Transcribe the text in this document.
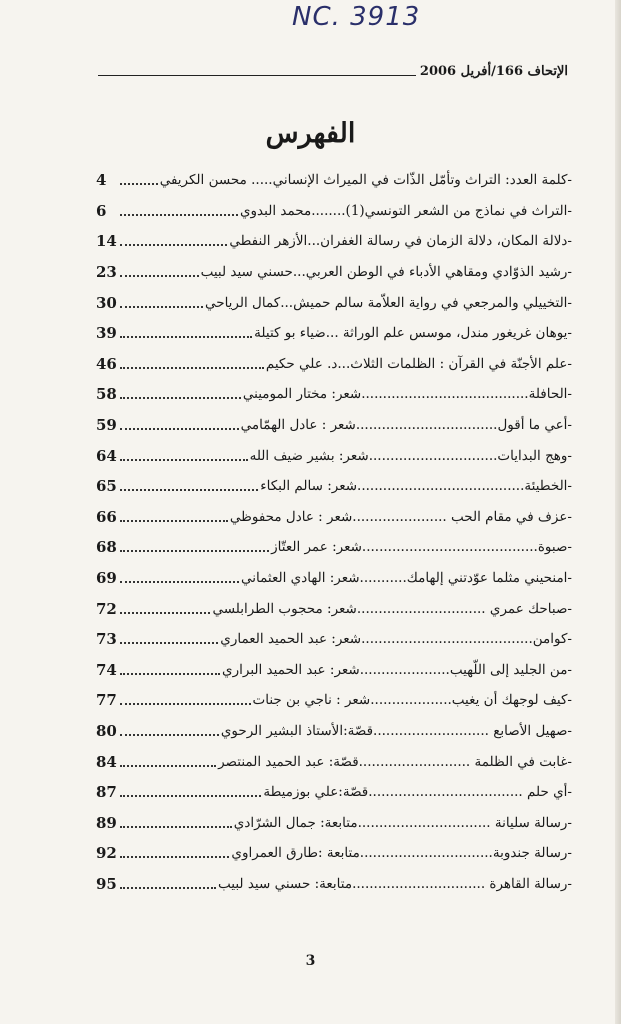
NC. 3913
الإتحاف 166/أفريل 2006
الفهرس
-كلمة العدد: التراث وتأمّل الذّات في الميراث الإنساني..... محسن الكريفي
4
-التراث في نماذج من الشعر التونسي(1)........محمد البدوي
6
-دلالة المكان، دلالة الزمان في رسالة الغفران...الأزهر النفطي
14
-رشيد الذوّادي ومقاهي الأدباء في الوطن العربي...حسني سيد لبيب
23
-التخييلي والمرجعي في رواية العلاّمة سالم حميش...كمال الرياحي
30
-يوهان غريغور مندل، موسس علم الوراثة ...ضياء بو كتيلة
39
-علم الأجنّة في القرآن : الظلمات الثلاث...د. علي حكيم
46
-الحافلة.......................................شعر: مختار الموميني
58
-أعي ما أقول.................................شعر : عادل الهمّامي
59
-وهج البدايات..............................شعر: بشير ضيف الله
64
-الخطيئة.......................................شعر: سالم البكاء
65
-عزف في مقام الحب ......................شعر : عادل محفوظي
66
-صبوة.........................................شعر: عمر العتّاز
68
-امنحيني مثلما عوّدتني إلهامك...........شعر: الهادي العثماني
69
-صباحك عمري ..............................شعر: محجوب الطرابلسي
72
-كوامن........................................شعر: عبد الحميد العماري
73
-من الجليد إلى اللّهيب.....................شعر: عبد الحميد البراري
74
-كيف لوجهك أن يغيب...................شعر : ناجي بن جنات
77
-صهيل الأصابع ...........................قصّة:الأستاذ البشير الرحوي
80
-غابت في الظلمة ..........................قصّة: عبد الحميد المنتصر
84
-أي حلم ....................................قصّة:علي بوزميطة
87
-رسالة سليانة ...............................متابعة: جمال الشرّادي
89
-رسالة جندوبة...............................متابعة :طارق العمراوي
92
-رسالة القاهرة ...............................متابعة: حسني سيد لبيب
95
3
